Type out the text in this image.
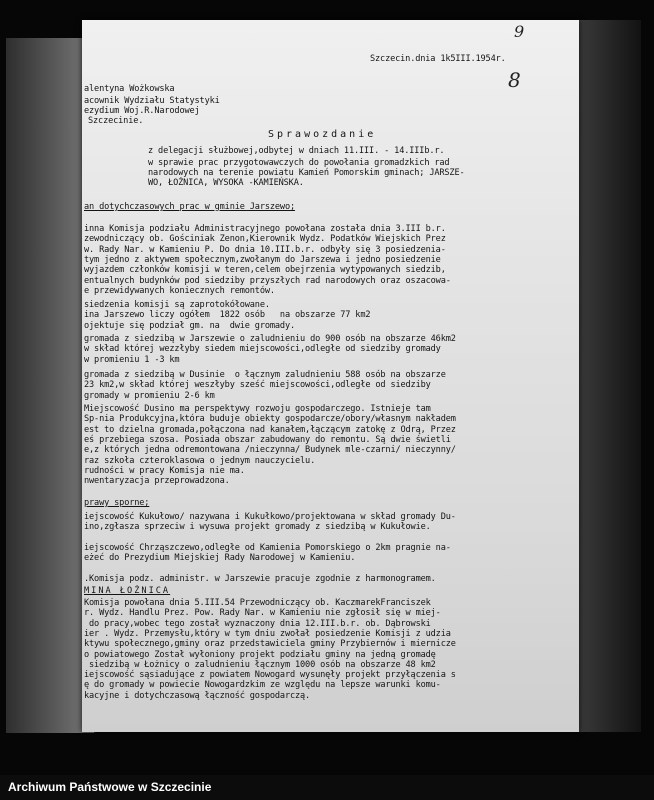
9
8
Szczecin.dnia 1k5III.1954r.
alentyna Wożkowska
acownik Wydziału Statystyki
ezydium Woj.R.Narodowej
Szczecinie.
Sprawozdanie
z delegacji służbowej,odbytej w dniach 11.III. - 14.IIIb.r.
w sprawie prac przygotowawczych do powołania gromadzkich rad
narodowych na terenie powiatu Kamień Pomorskim gminach; JARSZE-
WO, ŁOŻNICA, WYSOKA -KAMIEŃSKA.
an dotychczasowych prac w gminie Jarszewo;
inna Komisja podziału Administracyjnego powołana została dnia 3.III b.r.
zewodniczący ob. Gościniak Zenon,Kierownik Wydz. Podatków Wiejskich Prez
w. Rady Nar. w Kamieniu P. Do dnia 10.III.b.r. odbyły się 3 posiedzenia-
tym jedno z aktywem społecznym,zwołanym do Jarszewa i jedno posiedzenie
wyjazdem członków komisji w teren,celem obejrzenia wytypowanych siedzib,
entualnych budynków pod siedziby przyszłych rad narodowych oraz oszacowa-
e przewidywanych koniecznych remontów.
siedzenia komisji są zaprotokółowane.
ina Jarszewo liczy ogółem  1822 osób   na obszarze 77 km2
ojektuje się podział gm. na  dwie gromady.
gromada z siedzibą w Jarszewie o zaludnieniu do 900 osób na obszarze 46km2
w skład której wezzłyby siedem miejscowości,odległe od siedziby gromady
w promieniu 1 -3 km
gromada z siedzibą w Dusinie  o łącznym zaludnieniu 588 osób na obszarze
23 km2,w skład której weszłyby sześć miejscowości,odległe od siedziby
gromady w promieniu 2-6 km
Miejscowość Dusino ma perspektywy rozwoju gospodarczego. Istnieje tam
Sp-nia Produkcyjna,która buduje obiekty gospodarcze/obory/własnym nakładem
est to dzielna gromada,połączona nad kanałem,łączącym zatokę z Odrą, Przez
eś przebiega szosa. Posiada obszar zabudowany do remontu. Są dwie świetli
e,z których jedna odremontowana /nieczynna/ Budynek mle-czarni/ nieczynny/
raz szkoła czteroklasowa o jednym nauczycielu.
rudności w pracy Komisja nie ma.
nwentaryzacja przeprowadzona.
prawy sporne;
iejscowość Kukułowo/ nazywana i Kukułkowo/projektowana w skład gromady Du-
ino,zgłasza sprzeciw i wysuwa projekt gromady z siedzibą w Kukułowie.
iejscowość Chrząszczewo,odległe od Kamienia Pomorskiego o 2km pragnie na-
eżeć do Prezydium Miejskiej Rady Narodowej w Kamieniu.
.Komisja podz. administr. w Jarszewie pracuje zgodnie z harmonogramem.
MINA ŁOŻNICA
Komisja powołana dnia 5.III.54 Przewodniczący ob. KaczmarekFranciszek
r. Wydz. Handlu Prez. Pow. Rady Nar. w Kamieniu nie zgłosił się w miej-
do pracy,wobec tego został wyznaczony dnia 12.III.b.r. ob. Dąbrowski
ier . Wydz. Przemysłu,który w tym dniu zwołał posiedzenie Komisji z udzia
ktywu społecznego,gminy oraz przedstawiciela gminy Przybiernów i miernicze
o powiatowego Został wyłoniony projekt podziału gminy na jedną gromadę
siedzibą w Łożnicy o zaludnieniu łącznym 1000 osób na obszarze 48 km2
iejscowość sąsiadujące z powiatem Nowogard wysunęły projekt przyłączenia s
ę do gromady w powiecie Nowogardzkim ze względu na lepsze warunki komu-
kacyjne i dotychczasową łączność gospodarczą.
Archiwum Państwowe w Szczecinie
